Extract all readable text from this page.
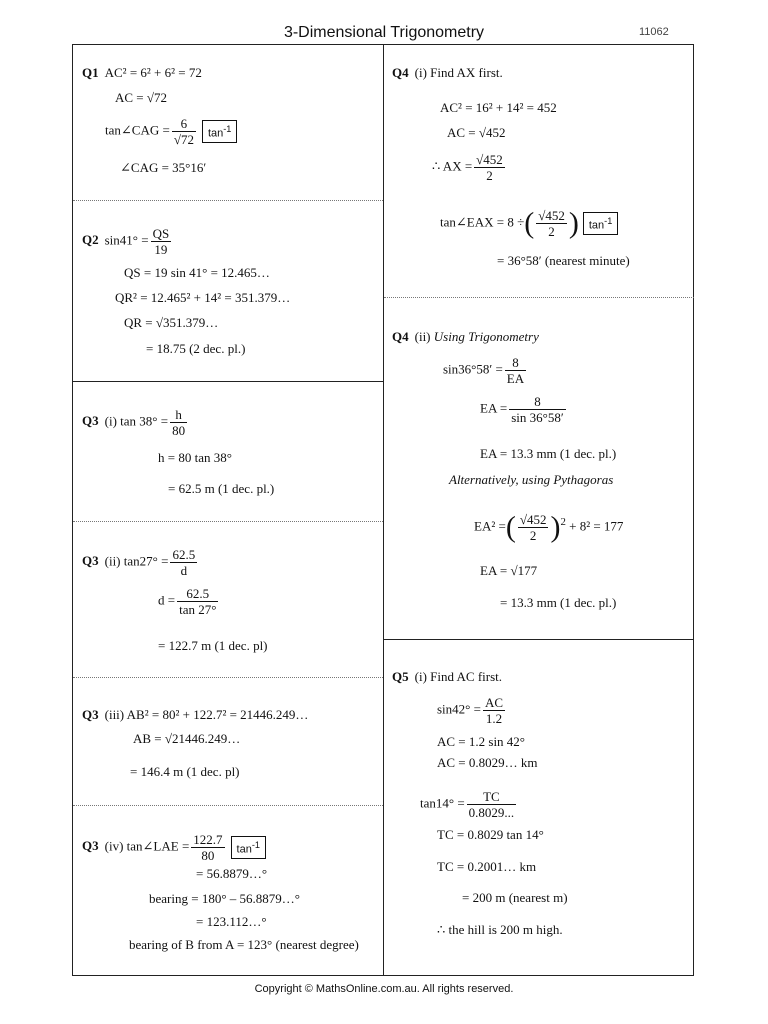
3-Dimensional Trigonometry	11062
Q1 AC² = 6² + 6² = 72
AC = √72
tan∠CAG = $\frac{6}{√72} \tan^{-1}$
∠CAG = 35°16′
Q2 $\sin 41^\circ = \frac{QS}{19}$
QS = 19 sin 41° = 12.465…
QR² = 12.465² + 14² = 351.379…
QR = √351.379…
= 18.75 (2 dec. pl.)
Q3 (i) $\tan 38^\circ = \frac{h}{80}$
h = 80 tan 38°
= 62.5 m (1 dec. pl.)
Q3 (ii) $\tan 27^\circ = \frac{62.5}{d}$
$d = \frac{62.5}{\tan 27^\circ}$
= 122.7 m (1 dec. pl)
Q3 (iii) AB² = 80² + 122.7² = 21446.249…
AB = √21446.249…
= 146.4 m (1 dec. pl)
Q3 (iv) tan∠LAE = $\frac{122.7}{80} \tan^{-1}$
= 56.8879…°
bearing = 180° – 56.8879…°
= 123.112…°
bearing of B from A = 123° (nearest degree)
Q4 (i) Find AX first.
AC² = 16² + 14² = 452
AC = √452
∴ AX = $\frac{√452}{2}$
tan∠EAX = 8 ÷( $\frac{√452}{2}$ ) $\tan^{-1}$
= 36°58′ (nearest minute)
Q4 (ii) Using Trigonometry
$\sin 36^\circ 58' = \frac{8}{EA}$
EA = $\frac{8}{\sin 36^\circ 58'}$
EA = 13.3 mm (1 dec. pl.)
Alternatively, using Pythagoras
EA² =( $\frac{√452}{2} )^2 + 8^2 = 177$
EA = √177
= 13.3 mm (1 dec. pl.)
Q5 (i) Find AC first.
$\sin 42^\circ = \frac{AC}{1.2}$
AC = 1.2 sin 42°
AC = 0.8029… km
$\tan 14^\circ = \frac{TC}{0.8029...}$
TC = 0.8029 tan 14°
TC = 0.2001… km
= 200 m (nearest m)
∴ the hill is 200 m high.
Copyright © MathsOnline.com.au. All rights reserved.
